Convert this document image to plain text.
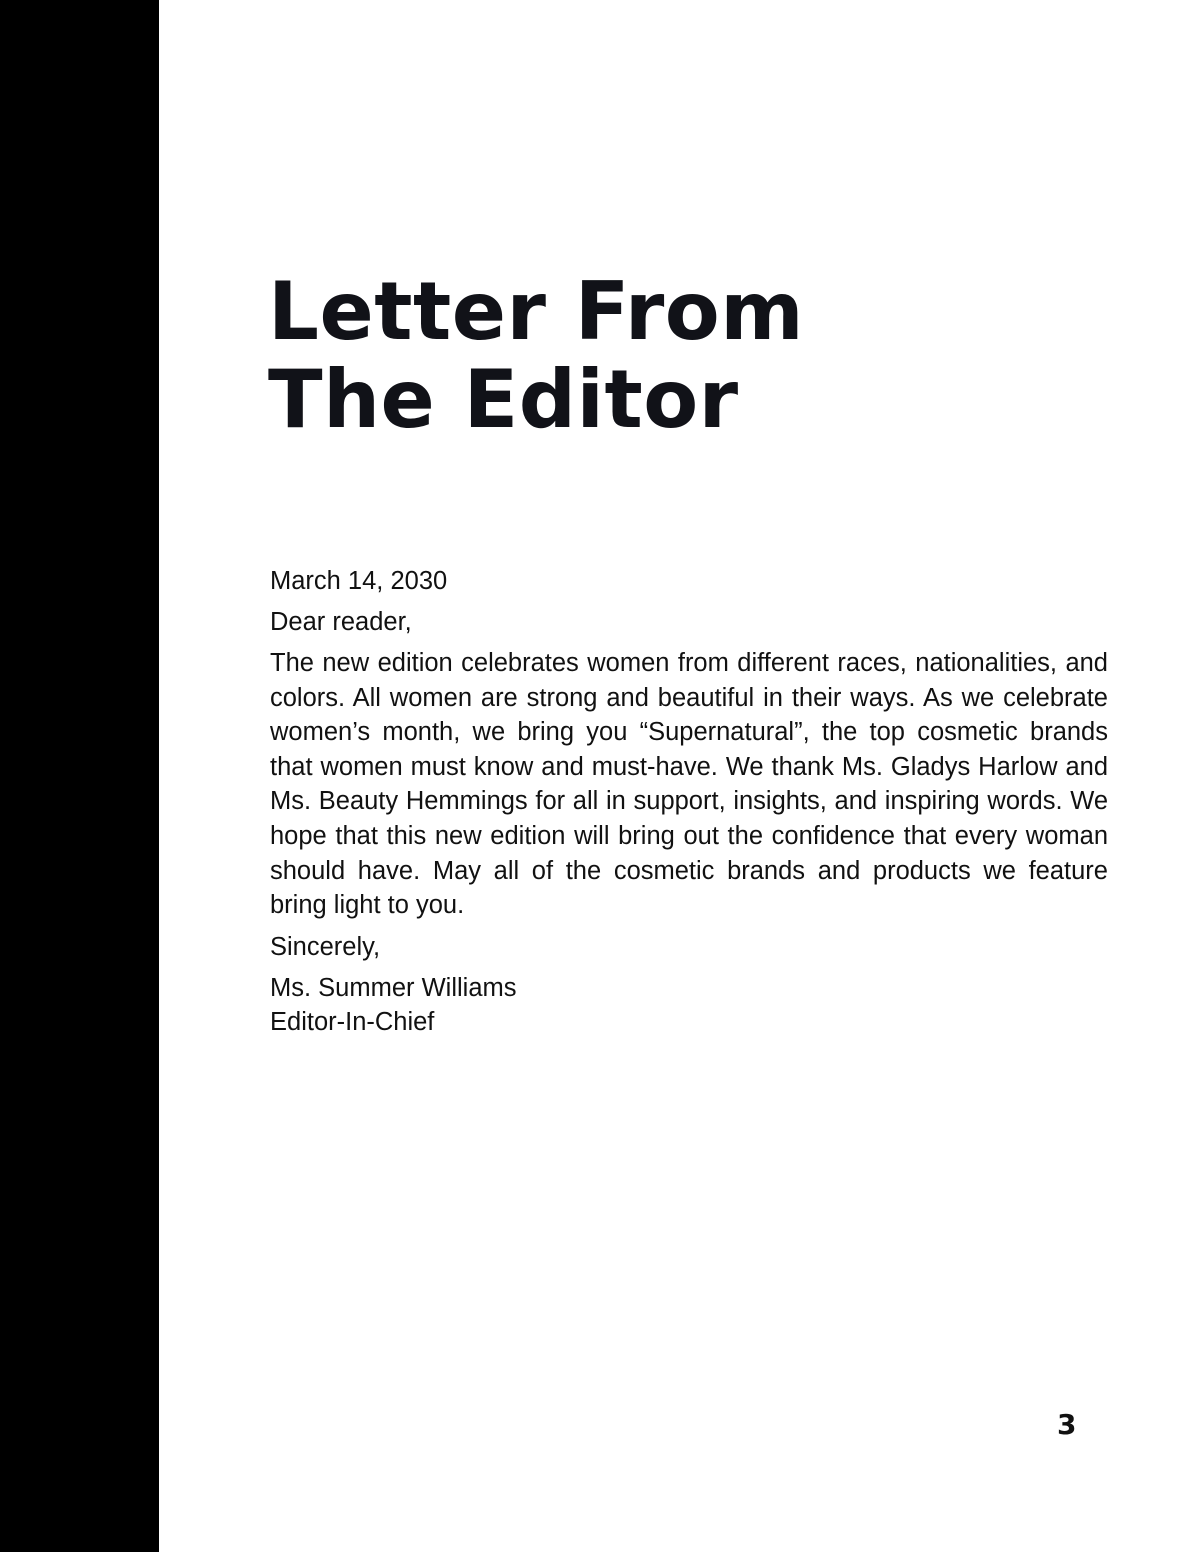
Letter From
The Editor

March 14, 2030

Dear reader,

The new edition celebrates women from different races, nationalities, and colors. All women are strong and beautiful in their ways. As we celebrate women’s month, we bring you “Supernatural”, the top cosmetic brands that women must know and must-have. We thank Ms. Gladys Harlow and Ms. Beauty Hemmings for all in support, insights, and inspiring words. We hope that this new edition will bring out the confidence that every woman should have. May all of the cosmetic brands and products we feature bring light to you.

Sincerely,

Ms. Summer Williams

Editor-In-Chief

3
